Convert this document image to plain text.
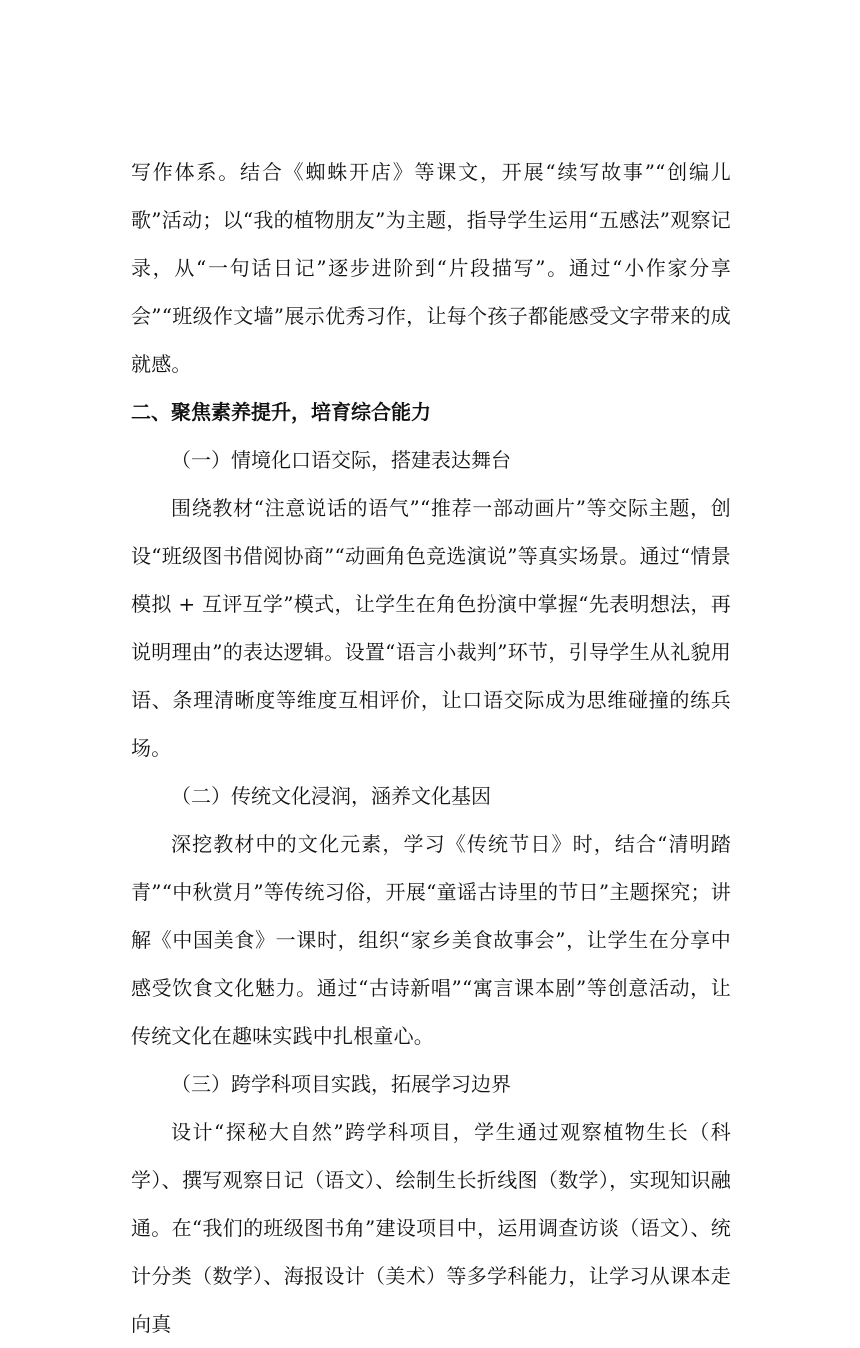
写作体系。结合《蜘蛛开店》等课文，开展“续写故事”“创编儿歌”活动；以“我的植物朋友”为主题，指导学生运用“五感法”观察记录，从“一句话日记”逐步进阶到“片段描写”。通过“小作家分享会”“班级作文墙”展示优秀习作，让每个孩子都能感受文字带来的成就感。

二、聚焦素养提升，培育综合能力

（一）情境化口语交际，搭建表达舞台

围绕教材“注意说话的语气”“推荐一部动画片”等交际主题，创设“班级图书借阅协商”“动画角色竞选演说”等真实场景。通过“情景模拟 + 互评互学”模式，让学生在角色扮演中掌握“先表明想法，再说明理由”的表达逻辑。设置“语言小裁判”环节，引导学生从礼貌用语、条理清晰度等维度互相评价，让口语交际成为思维碰撞的练兵场。

（二）传统文化浸润，涵养文化基因

深挖教材中的文化元素，学习《传统节日》时，结合“清明踏青”“中秋赏月”等传统习俗，开展“童谣古诗里的节日”主题探究；讲解《中国美食》一课时，组织“家乡美食故事会”，让学生在分享中感受饮食文化魅力。通过“古诗新唱”“寓言课本剧”等创意活动，让传统文化在趣味实践中扎根童心。

（三）跨学科项目实践，拓展学习边界

设计“探秘大自然”跨学科项目，学生通过观察植物生长（科学）、撰写观察日记（语文）、绘制生长折线图（数学），实现知识融通。在“我们的班级图书角”建设项目中，运用调查访谈（语文）、统计分类（数学）、海报设计（美术）等多学科能力，让学习从课本走向真
